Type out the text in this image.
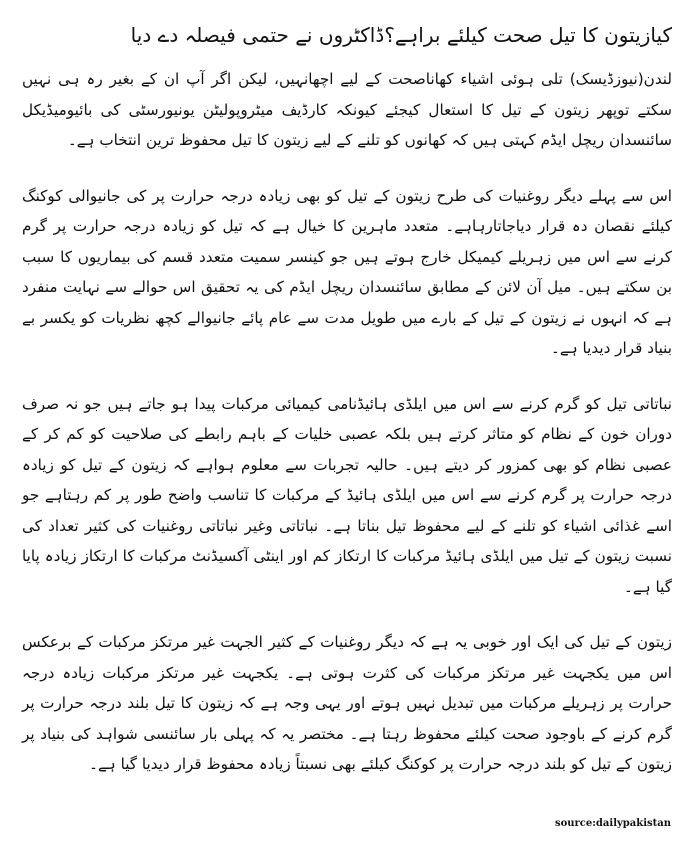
کیازیتون کا تیل صحت کیلئے براہے؟ڈاکٹروں نے حتمی فیصلہ دے دیا

لندن(نیوزڈیسک) تلی ہوئی اشیاء کھاناصحت کے لیے اچھانہیں، لیکن اگر آپ ان کے بغیر رہ ہی نہیں سکتے توپھر زیتون کے تیل کا استعال کیجئے کیونکہ کارڈیف میٹروپولیٹن یونیورسٹی کی بائیومیڈیکل سائنسدان ریچل ایڈم کہتی ہیں کہ کھانوں کو تلنے کے لیے زیتون کا تیل محفوظ ترین انتخاب ہے۔

اس سے پہلے دیگر روغنیات کی طرح زیتون کے تیل کو بھی زیادہ درجہ حرارت پر کی جانیوالی کوکنگ کیلئے نقصان دہ قرار دیاجاتارہاہے۔ متعدد ماہرین کا خیال ہے کہ تیل کو زیادہ درجہ حرارت پر گرم کرنے سے اس میں زہریلے کیمیکل خارج ہوتے ہیں جو کینسر سمیت متعدد قسم کی بیماریوں کا سبب بن سکتے ہیں۔ میل آن لائن کے مطابق سائنسدان ریچل ایڈم کی یہ تحقیق اس حوالے سے نہایت منفرد ہے کہ انہوں نے زیتون کے تیل کے بارے میں طویل مدت سے عام پائے جانیوالے کچھ نظریات کو یکسر بے بنیاد قرار دیدیا ہے۔

نباتاتی تیل کو گرم کرنے سے اس میں ایلڈی ہائیڈنامی کیمیائی مرکبات پیدا ہو جاتے ہیں جو نہ صرف دوران خون کے نظام کو متاثر کرتے ہیں بلکہ عصبی خلیات کے باہم رابطے کی صلاحیت کو کم کر کے عصبی نظام کو بھی کمزور کر دیتے ہیں۔ حالیہ تجربات سے معلوم ہواہے کہ زیتون کے تیل کو زیادہ درجہ حرارت پر گرم کرنے سے اس میں ایلڈی ہائیڈ کے مرکبات کا تناسب واضح طور پر کم رہتاہے جو اسے غذائی اشیاء کو تلنے کے لیے محفوظ تیل بناتا ہے۔ نباتاتی وغیر نباتاتی روغنیات کی کثیر تعداد کی نسبت زیتون کے تیل میں ایلڈی ہائیڈ مرکبات کا ارتکاز کم اور اینٹی آکسیڈنٹ مرکبات کا ارتکاز زیادہ پایا گیا ہے۔

زیتون کے تیل کی ایک اور خوبی یہ ہے کہ دیگر روغنیات کے کثیر الجہت غیر مرتکز مرکبات کے برعکس اس میں یکجہت غیر مرتکز مرکبات کی کثرت ہوتی ہے۔ یکجہت غیر مرتکز مرکبات زیادہ درجہ حرارت پر زہریلے مرکبات میں تبدیل نہیں ہوتے اور یہی وجہ ہے کہ زیتون کا تیل بلند درجہ حرارت پر گرم کرنے کے باوجود صحت کیلئے محفوظ رہتا ہے۔ مختصر یہ کہ پہلی بار سائنسی شواہد کی بنیاد پر زیتون کے تیل کو بلند درجہ حرارت پر کوکنگ کیلئے بھی نسبتاً زیادہ محفوظ قرار دیدیا گیا ہے۔

source:dailypakistan
